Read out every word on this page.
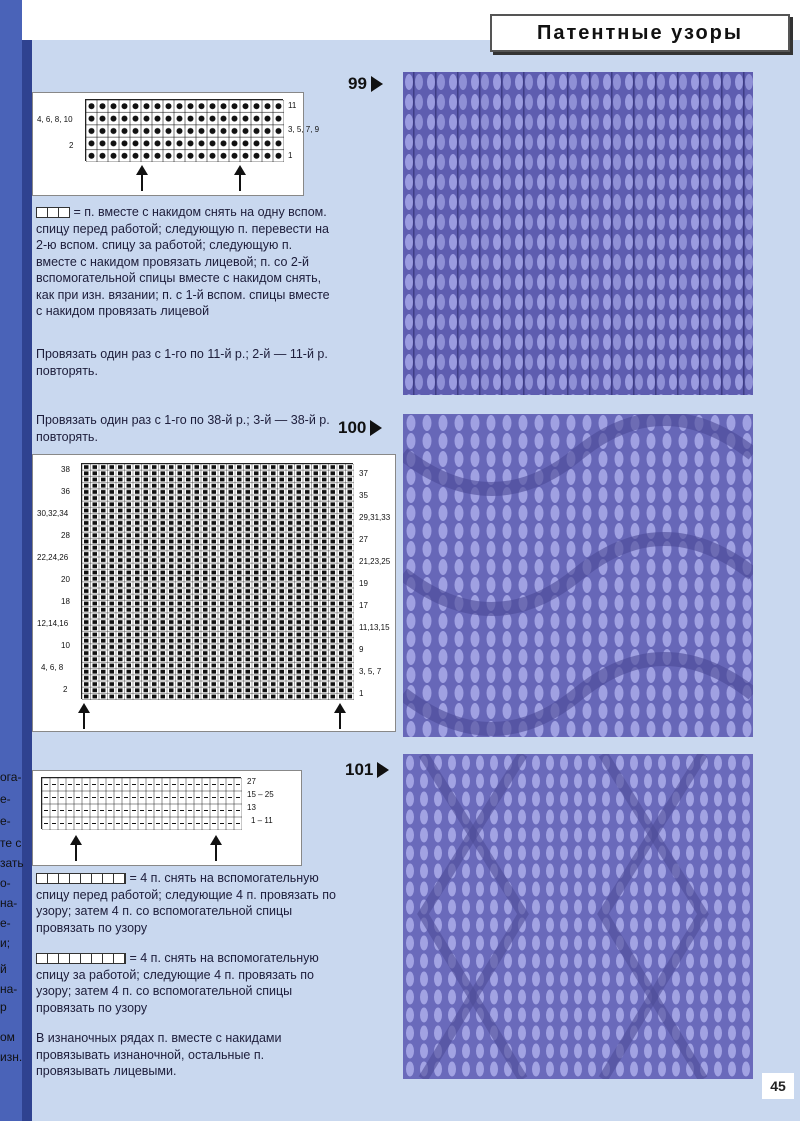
Патентные узоры
ога-
е-
е-
те с
зать
о-
на-
е-
и;
й
на-
р
ом
изн.
99
4, 6, 8, 10
2
11
3, 5, 7, 9
1
= п. вместе с накидом снять на одну вспом. спицу перед работой; следующую п. перевести на 2-ю вспом. спицу за работой; следующую п. вместе с накидом провязать лицевой; п. со 2-й вспомогательной спицы вместе с накидом снять, как при изн. вязании; п. с 1-й вспом. спицы вместе с накидом провязать лицевой
Провязать один раз с 1-го по 11-й р.; 2-й — 11-й р. повторять.
Провязать один раз с 1-го по 38-й р.; 3-й — 38-й р. повторять.	100
38
36
30,32,34
28
22,24,26
20
18
12,14,16
10
4, 6, 8
2
37
35
29,31,33
27
21,23,25
19
17
11,13,15
9
3, 5, 7
1
101
27
15 – 25
13
1 – 11
= 4 п. снять на вспомогательную спицу перед работой; следующие 4 п. провязать по узору; затем 4 п. со вспомогательной спицы провязать по узору
= 4 п. снять на вспомогательную спицу за работой; следующие 4 п. провязать по узору; затем 4 п. со вспомогательной спицы провязать по узору
В изнаночных рядах п. вместе с накидами провязывать изнаночной, остальные п. провязывать лицевыми.
45
